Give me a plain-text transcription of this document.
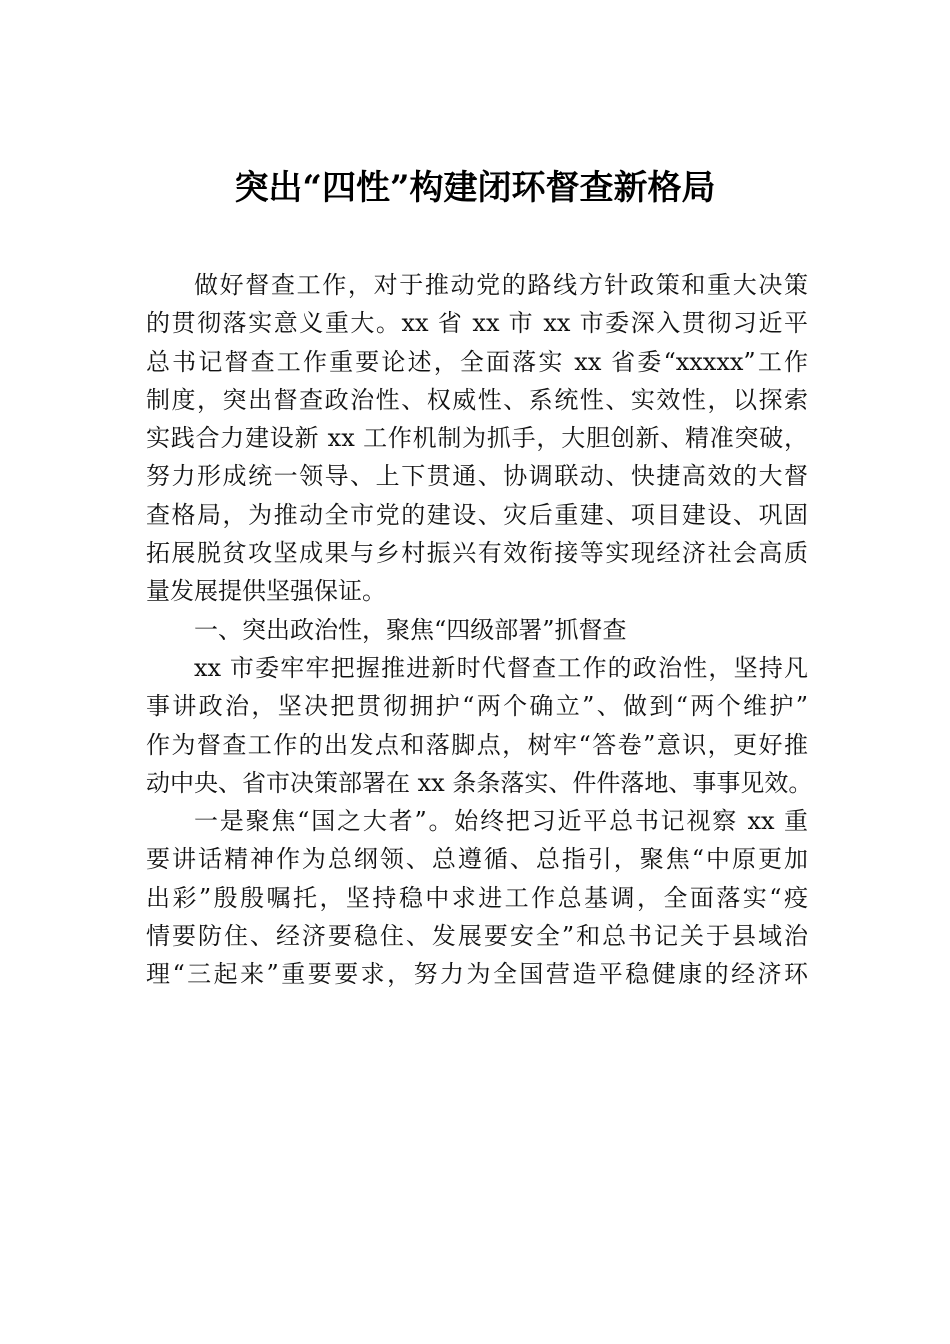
突出“四性”构建闭环督查新格局
做好督查工作，对于推动党的路线方针政策和重大决策
的贯彻落实意义重大。xx 省 xx 市 xx 市委深入贯彻习近平
总书记督查工作重要论述，全面落实 xx 省委“xxxxx”工作
制度，突出督查政治性、权威性、系统性、实效性，以探索
实践合力建设新 xx 工作机制为抓手，大胆创新、精准突破，
努力形成统一领导、上下贯通、协调联动、快捷高效的大督
查格局，为推动全市党的建设、灾后重建、项目建设、巩固
拓展脱贫攻坚成果与乡村振兴有效衔接等实现经济社会高质
量发展提供坚强保证。
一、突出政治性，聚焦“四级部署”抓督查
xx 市委牢牢把握推进新时代督查工作的政治性，坚持凡
事讲政治，坚决把贯彻拥护“两个确立”、做到“两个维护”
作为督查工作的出发点和落脚点，树牢“答卷”意识，更好推
动中央、省市决策部署在 xx 条条落实、件件落地、事事见效。
一是聚焦“国之大者”。始终把习近平总书记视察 xx 重
要讲话精神作为总纲领、总遵循、总指引，聚焦“中原更加
出彩”殷殷嘱托，坚持稳中求进工作总基调，全面落实“疫
情要防住、经济要稳住、发展要安全”和总书记关于县域治
理“三起来”重要要求，努力为全国营造平稳健康的经济环
